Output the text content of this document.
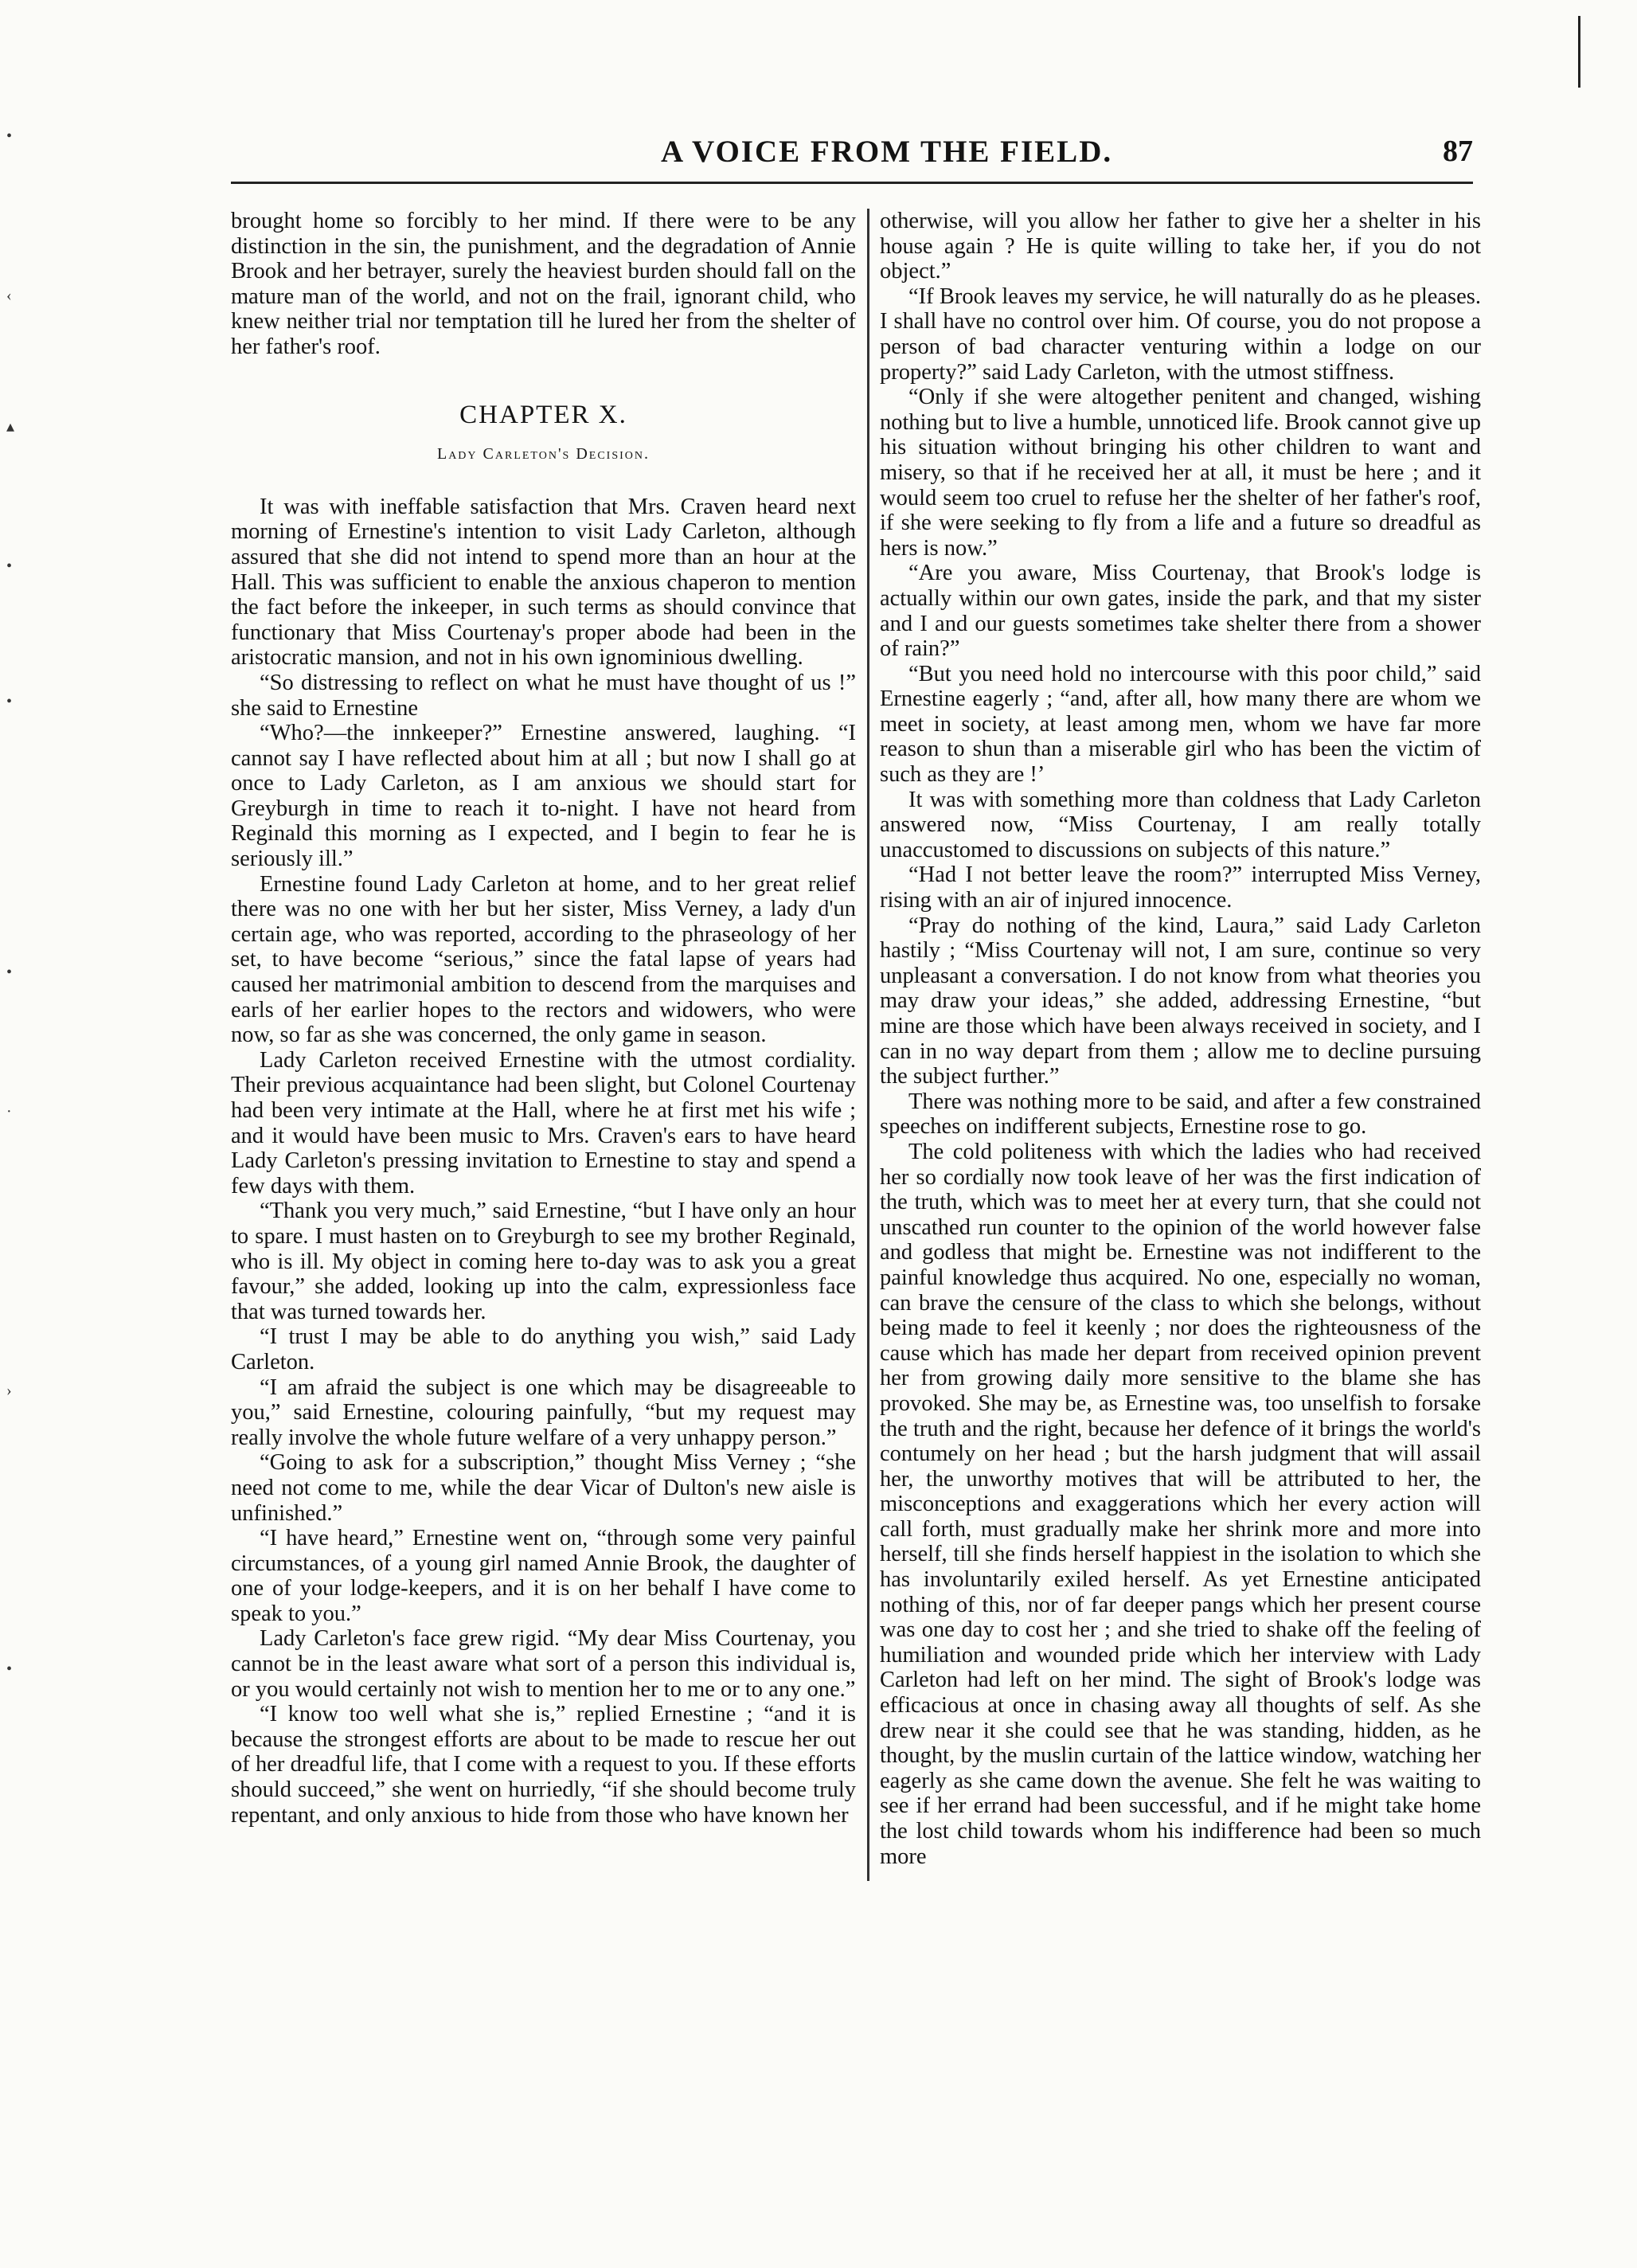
•
‹
▴
•
•
•
·
›
•
A VOICE FROM THE FIELD.	87

brought home so forcibly to her mind. If there were to be any distinction in the sin, the punishment, and the degradation of Annie Brook and her betrayer, surely the heaviest burden should fall on the mature man of the world, and not on the frail, ignorant child, who knew neither trial nor temptation till he lured her from the shelter of her father's roof.

CHAPTER X.
Lady Carleton's Decision.

It was with ineffable satisfaction that Mrs. Craven heard next morning of Ernestine's intention to visit Lady Carleton, although assured that she did not intend to spend more than an hour at the Hall. This was sufficient to enable the anxious chaperon to mention the fact before the inkeeper, in such terms as should convince that functionary that Miss Courtenay's proper abode had been in the aristocratic mansion, and not in his own ignominious dwelling.

“So distressing to reflect on what he must have thought of us !” she said to Ernestine

“Who?—the innkeeper?” Ernestine answered, laughing. “I cannot say I have reflected about him at all ; but now I shall go at once to Lady Carleton, as I am anxious we should start for Greyburgh in time to reach it to-night. I have not heard from Reginald this morning as I expected, and I begin to fear he is seriously ill.”

Ernestine found Lady Carleton at home, and to her great relief there was no one with her but her sister, Miss Verney, a lady d'un certain age, who was reported, according to the phraseology of her set, to have become “serious,” since the fatal lapse of years had caused her matrimonial ambition to descend from the marquises and earls of her earlier hopes to the rectors and widowers, who were now, so far as she was concerned, the only game in season.

Lady Carleton received Ernestine with the utmost cordiality. Their previous acquaintance had been slight, but Colonel Courtenay had been very intimate at the Hall, where he at first met his wife ; and it would have been music to Mrs. Craven's ears to have heard Lady Carleton's pressing invitation to Ernestine to stay and spend a few days with them.

“Thank you very much,” said Ernestine, “but I have only an hour to spare. I must hasten on to Greyburgh to see my brother Reginald, who is ill. My object in coming here to-day was to ask you a great favour,” she added, looking up into the calm, expressionless face that was turned towards her.

“I trust I may be able to do anything you wish,” said Lady Carleton.

“I am afraid the subject is one which may be disagreeable to you,” said Ernestine, colouring painfully, “but my request may really involve the whole future welfare of a very unhappy person.”

“Going to ask for a subscription,” thought Miss Verney ; “she need not come to me, while the dear Vicar of Dulton's new aisle is unfinished.”

“I have heard,” Ernestine went on, “through some very painful circumstances, of a young girl named Annie Brook, the daughter of one of your lodge-keepers, and it is on her behalf I have come to speak to you.”

Lady Carleton's face grew rigid. “My dear Miss Courtenay, you cannot be in the least aware what sort of a person this individual is, or you would certainly not wish to mention her to me or to any one.”

“I know too well what she is,” replied Ernestine ; “and it is because the strongest efforts are about to be made to rescue her out of her dreadful life, that I come with a request to you. If these efforts should succeed,” she went on hurriedly, “if she should become truly repentant, and only anxious to hide from those who have known her

otherwise, will you allow her father to give her a shelter in his house again ? He is quite willing to take her, if you do not object.”

“If Brook leaves my service, he will naturally do as he pleases. I shall have no control over him. Of course, you do not propose a person of bad character venturing within a lodge on our property?” said Lady Carleton, with the utmost stiffness.

“Only if she were altogether penitent and changed, wishing nothing but to live a humble, unnoticed life. Brook cannot give up his situation without bringing his other children to want and misery, so that if he received her at all, it must be here ; and it would seem too cruel to refuse her the shelter of her father's roof, if she were seeking to fly from a life and a future so dreadful as hers is now.”

“Are you aware, Miss Courtenay, that Brook's lodge is actually within our own gates, inside the park, and that my sister and I and our guests sometimes take shelter there from a shower of rain?”

“But you need hold no intercourse with this poor child,” said Ernestine eagerly ; “and, after all, how many there are whom we meet in society, at least among men, whom we have far more reason to shun than a miserable girl who has been the victim of such as they are !’

It was with something more than coldness that Lady Carleton answered now, “Miss Courtenay, I am really totally unaccustomed to discussions on subjects of this nature.”

“Had I not better leave the room?” interrupted Miss Verney, rising with an air of injured innocence.

“Pray do nothing of the kind, Laura,” said Lady Carleton hastily ; “Miss Courtenay will not, I am sure, continue so very unpleasant a conversation. I do not know from what theories you may draw your ideas,” she added, addressing Ernestine, “but mine are those which have been always received in society, and I can in no way depart from them ; allow me to decline pursuing the subject further.”

There was nothing more to be said, and after a few constrained speeches on indifferent subjects, Ernestine rose to go.

The cold politeness with which the ladies who had received her so cordially now took leave of her was the first indication of the truth, which was to meet her at every turn, that she could not unscathed run counter to the opinion of the world however false and godless that might be. Ernestine was not indifferent to the painful knowledge thus acquired. No one, especially no woman, can brave the censure of the class to which she belongs, without being made to feel it keenly ; nor does the righteousness of the cause which has made her depart from received opinion prevent her from growing daily more sensitive to the blame she has provoked. She may be, as Ernestine was, too unselfish to forsake the truth and the right, because her defence of it brings the world's contumely on her head ; but the harsh judgment that will assail her, the unworthy motives that will be attributed to her, the misconceptions and exaggerations which her every action will call forth, must gradually make her shrink more and more into herself, till she finds herself happiest in the isolation to which she has involuntarily exiled herself. As yet Ernestine anticipated nothing of this, nor of far deeper pangs which her present course was one day to cost her ; and she tried to shake off the feeling of humiliation and wounded pride which her interview with Lady Carleton had left on her mind. The sight of Brook's lodge was efficacious at once in chasing away all thoughts of self. As she drew near it she could see that he was standing, hidden, as he thought, by the muslin curtain of the lattice window, watching her eagerly as she came down the avenue. She felt he was waiting to see if her errand had been successful, and if he might take home the lost child towards whom his indifference had been so much more
